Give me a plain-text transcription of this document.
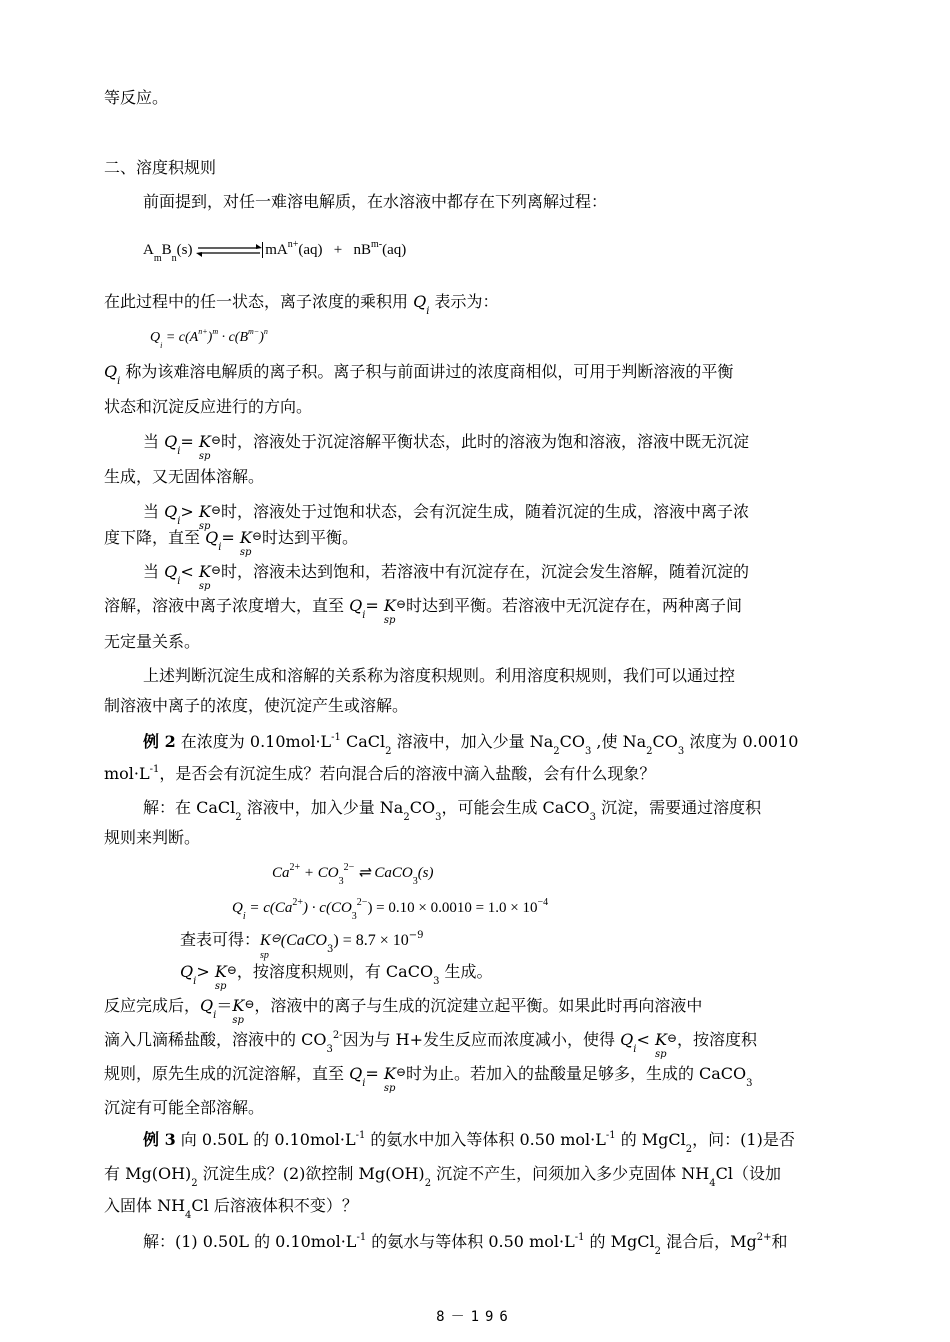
等反应。
二、溶度积规则
前面提到，对任一难溶电解质，在水溶液中都存在下列离解过程：
$A_mB_n(s)$	$mA^{n+}(aq) + nB^{m-}(aq)$
在此过程中的任一状态，离子浓度的乘积用 $Q_i$ 表示为：
$Q_i = c(A^{n+})^m \cdot c(B^{m-})^n$
$Q_i$ 称为该难溶电解质的离子积。离子积与前面讲过的浓度商相似，可用于判断溶液的平衡
状态和沉淀反应进行的方向。
当 $Q_i=$ K⊖
sp
时，溶液处于沉淀溶解平衡状态，此时的溶液为饱和溶液，溶液中既无沉淀
生成，又无固体溶解。
当 $Q_i>$ K⊖
sp
时，溶液处于过饱和状态，会有沉淀生成，随着沉淀的生成，溶液中离子浓
度下降，直至 $Q_i=$ K⊖
sp
时达到平衡。
当 $Q_i<$ K⊖
sp
时，溶液未达到饱和，若溶液中有沉淀存在，沉淀会发生溶解，随着沉淀的
溶解，溶液中离子浓度增大，直至 $Q_i=$ K⊖
sp
时达到平衡。若溶液中无沉淀存在，两种离子间
无定量关系。
上述判断沉淀生成和溶解的关系称为溶度积规则。利用溶度积规则，我们可以通过控
制溶液中离子的浓度，使沉淀产生或溶解。
例 2 在浓度为 $0.10mol\cdot L^{-1}$ CaCl$_2$ 溶液中，加入少量 $Na_2CO_3$ ,使 $Na_2CO_3$ 浓度为 0.0010
$mol\cdot L^{-1}$，是否会有沉淀生成？若向混合后的溶液中滴入盐酸，会有什么现象？
解：在 CaCl$_2$ 溶液中，加入少量 $Na_2CO_3$，可能会生成 CaCO$_3$ 沉淀，需要通过溶度积
规则来判断。
$Ca^{2+} + CO_3^{2-}$ ⇌ CaCO$_3$(s)
$Q_i = c(Ca^{2+}) \cdot c(CO_3^{2-}) = 0.10 \times 0.0010 = 1.0 \times 10^{-4}$
查表可得：K⊖
sp
(CaCO$_3$) = $8.7 \times 10^{-9}$
$Q_i>$ K⊖
sp
，按溶度积规则，有 CaCO$_3$ 生成。
反应完成后，$Q_i=K⊖$
sp
，溶液中的离子与生成的沉淀建立起平衡。如果此时再向溶液中
滴入几滴稀盐酸，溶液中的 $CO_3^{2-}$因为与 H+发生反应而浓度减小，使得 $Q_i<$ K⊖
sp
，按溶度积
规则，原先生成的沉淀溶解，直至 $Q_i=$ K⊖
sp
时为止。若加入的盐酸量足够多，生成的 CaCO$_3$
沉淀有可能全部溶解。
例 3 向 0.50L 的 $0.10mol\cdot L^{-1}$ 的氨水中加入等体积 0.50 $mol\cdot L^{-1}$ 的 MgCl$_2$，问：(1)是否
有 $Mg(OH)_2$ 沉淀生成？(2)欲控制 $Mg(OH)_2$ 沉淀不产生，问须加入多少克固体 $NH_4Cl$（设加
入固体 $NH_4Cl$ 后溶液体积不变）？
解：(1) 0.50L 的 $0.10mol\cdot L^{-1}$ 的氨水与等体积 0.50 $mol\cdot L^{-1}$ 的 MgCl$_2$ 混合后，$Mg^{2+}$和
8－196
